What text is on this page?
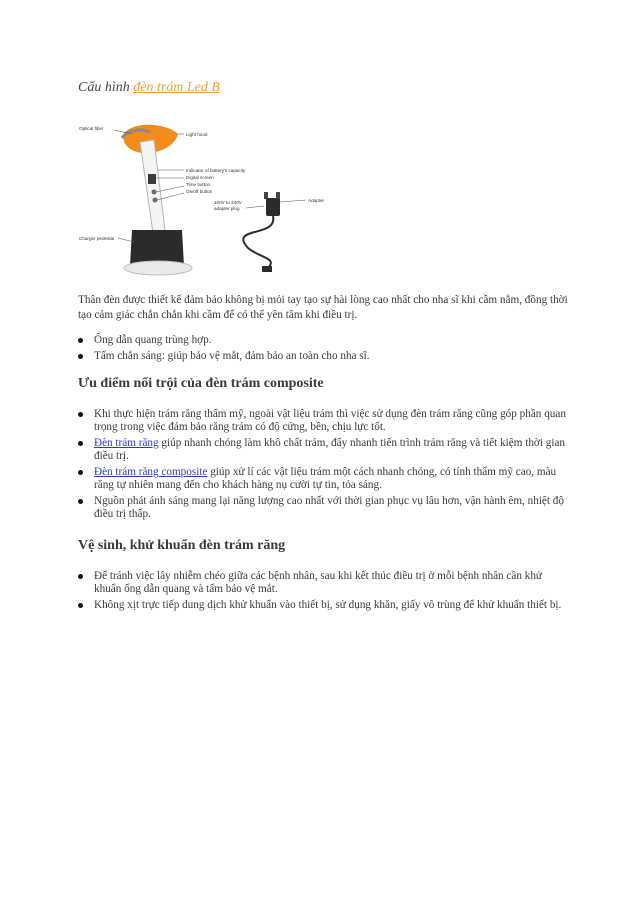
Cấu hình đèn trám Led B
Optical fiber
Light hood
Indicator of battery's capacity
Digital screen
Time button
On/off button
Charger pedestal
100V to 240V
adapter plug
Adapter

Thân đèn được thiết kế đảm bảo không bị mỏi tay tạo sự hài lòng cao nhất cho nha sĩ khi cầm nắm, đồng thời tạo cảm giác chắn chắn khi cầm để có thể yên tâm khi điều trị.

Ống dẫn quang trùng hợp.
Tấm chắn sáng: giúp bảo vệ mắt, đảm bảo an toàn cho nha sĩ.
Ưu điểm nổi trội của đèn trám composite
Khi thực hiện trám răng thẩm mỹ, ngoài vật liệu trám thì việc sử dụng đèn trám răng cũng góp phần quan trọng trong việc đảm bảo răng trám có độ cứng, bền, chịu lực tốt.
Đèn trám răng giúp nhanh chóng làm khô chất trám, đẩy nhanh tiến trình trám răng và tiết kiệm thời gian điều trị.
Đèn trám răng composite giúp xử lí các vật liệu trám một cách nhanh chóng, có tính thẩm mỹ cao, màu răng tự nhiên mang đến cho khách hàng nụ cười tự tin, tỏa sáng.
Nguồn phát ánh sáng mang lại năng lượng cao nhất với thời gian phục vụ lâu hơn, vận hành êm, nhiệt độ điều trị thấp.
Vệ sinh, khử khuẩn đèn trám răng
Để tránh việc lây nhiễm chéo giữa các bệnh nhân, sau khi kết thúc điều trị ở mỗi bệnh nhân cần khử khuẩn ống dẫn quang và tấm bảo vệ mắt.
Không xịt trực tiếp dung dịch khử khuẩn vào thiết bị, sử dụng khăn, giấy vô trùng để khử khuẩn thiết bị.
